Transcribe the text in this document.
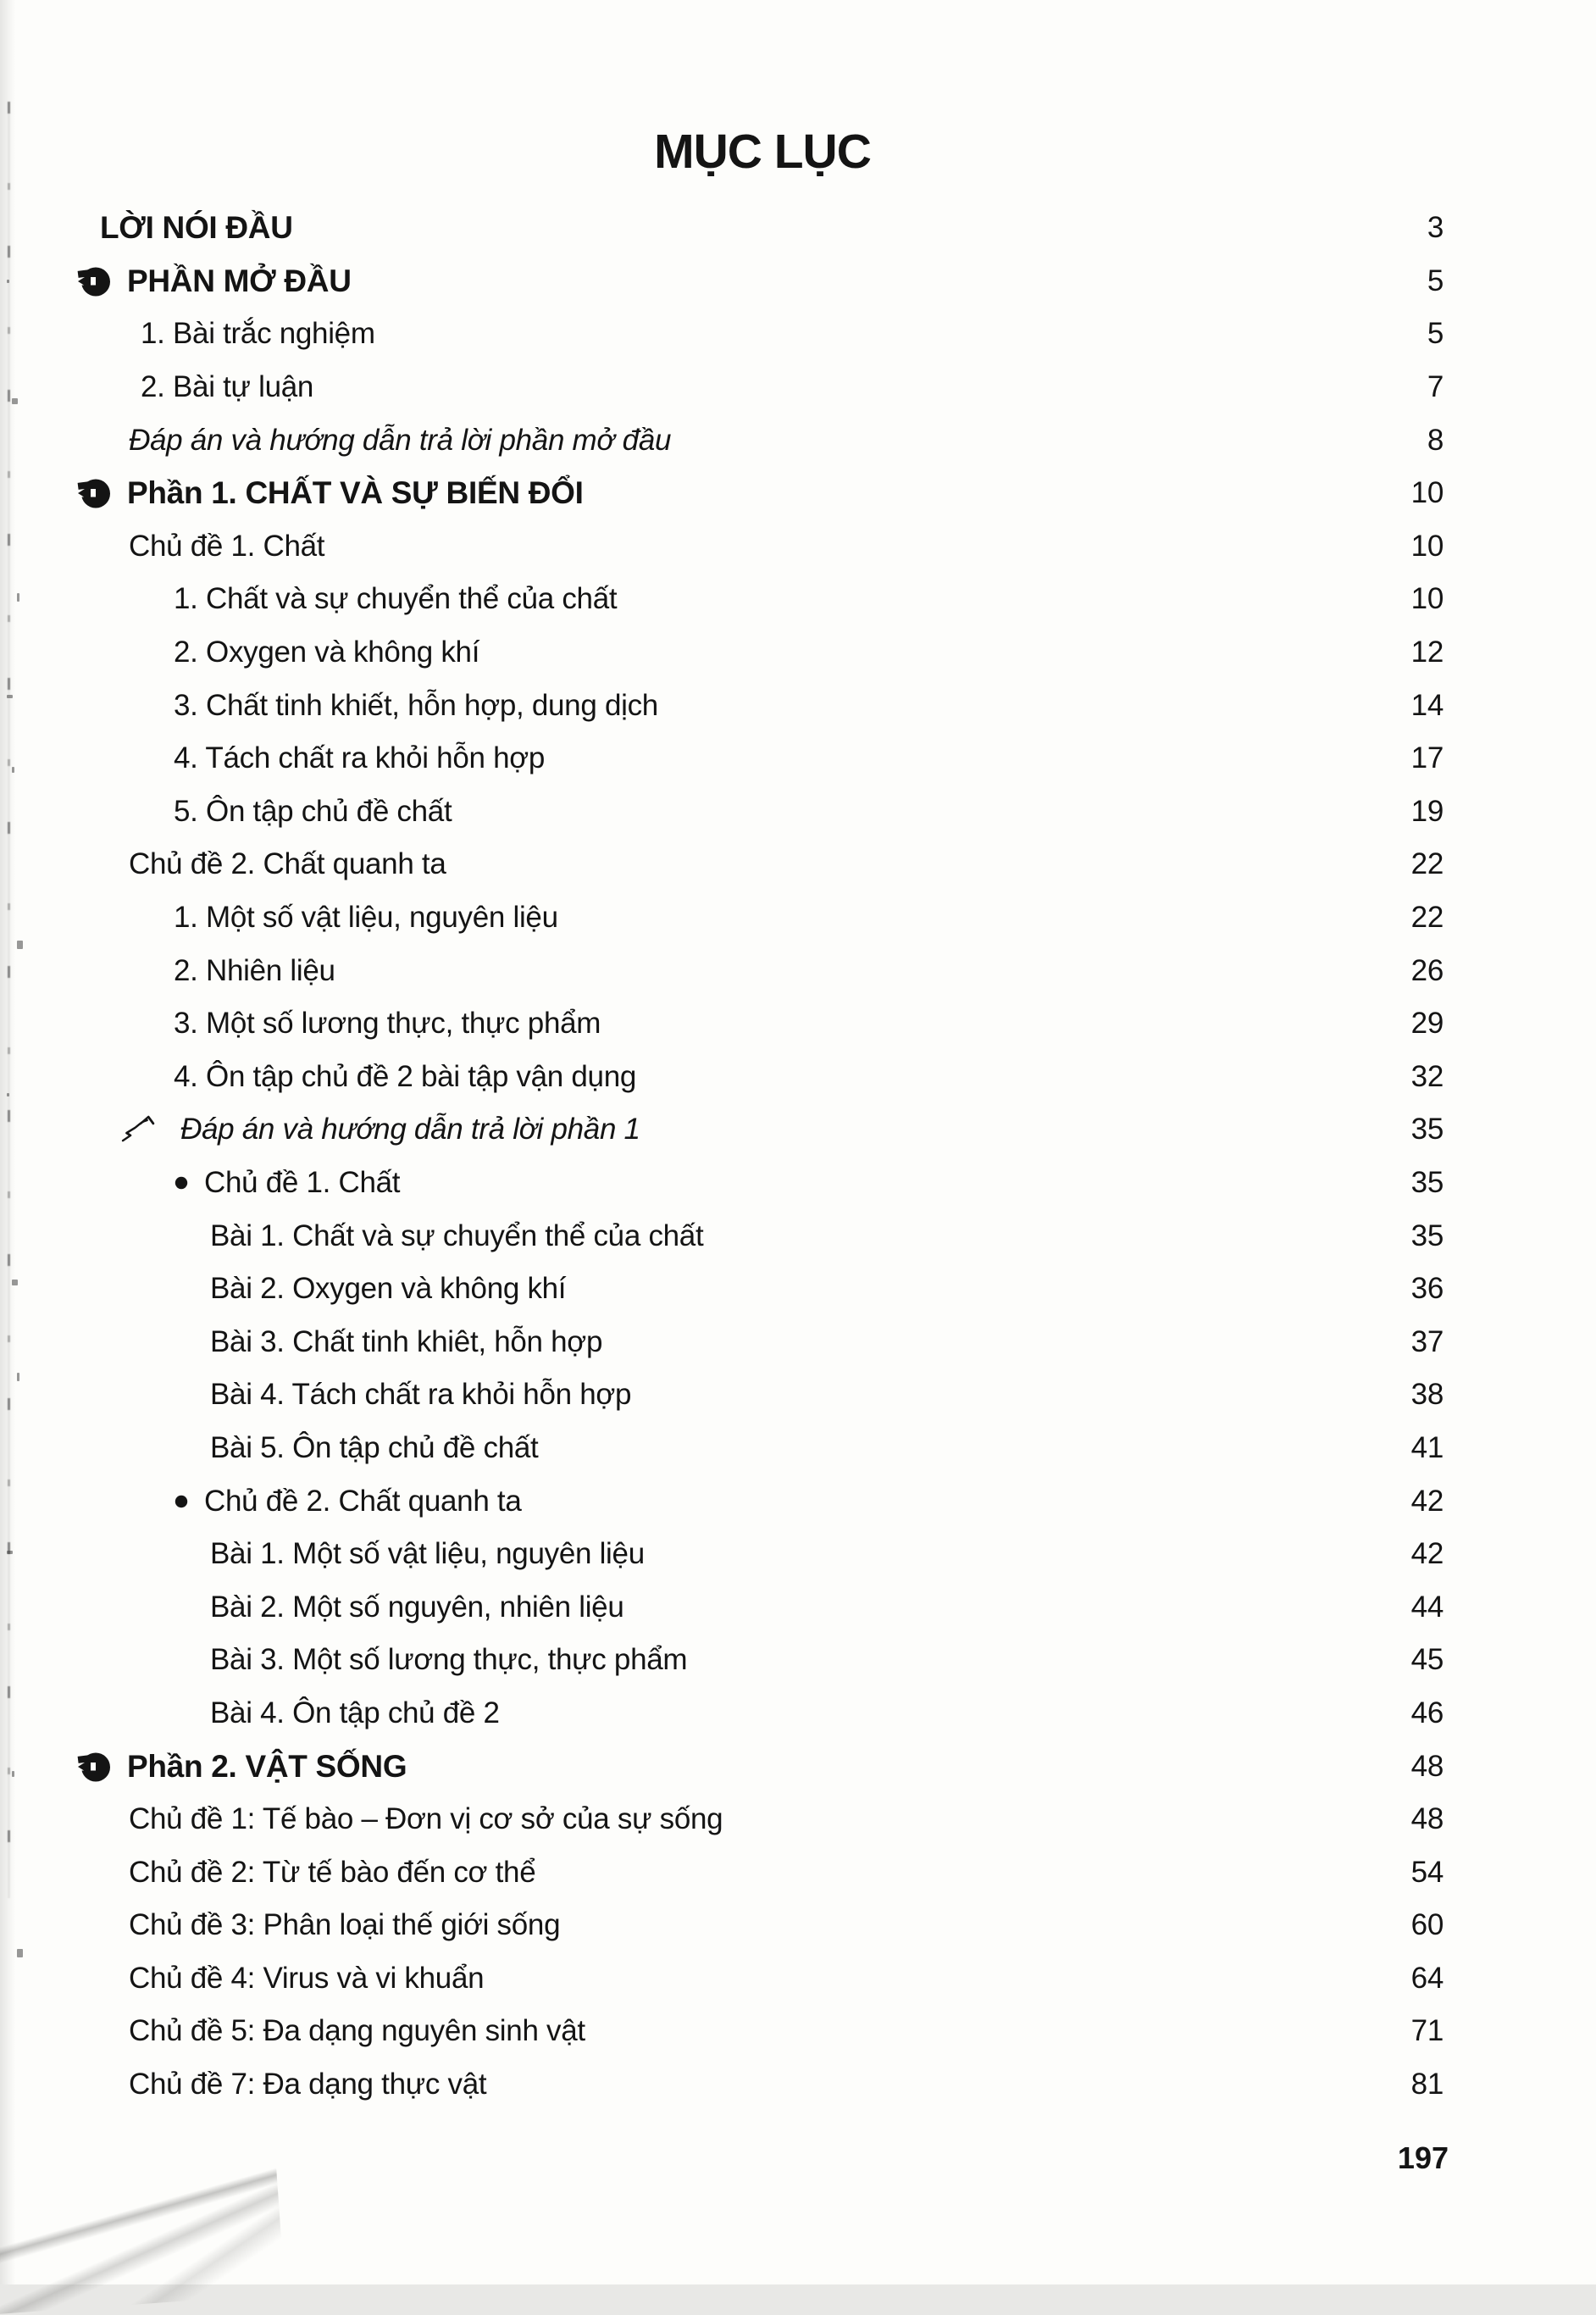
MỤC LỤC
LỜI NÓI ĐẦU	3
PHẦN MỞ ĐẦU	5
1. Bài trắc nghiệm	5
2. Bài tự luận	7
Đáp án và hướng dẫn trả lời phần mở đầu	8
Phần 1. CHẤT VÀ SỰ BIẾN ĐỔI	10
Chủ đề 1. Chất	10
1. Chất và sự chuyển thể của chất	10
2. Oxygen và không khí	12
3. Chất tinh khiết, hỗn hợp, dung dịch	14
4. Tách chất ra khỏi hỗn hợp	17
5. Ôn tập chủ đề chất	19
Chủ đề 2. Chất quanh ta	22
1. Một số vật liệu, nguyên liệu	22
2. Nhiên liệu	26
3. Một số lương thực, thực phẩm	29
4. Ôn tập chủ đề 2 bài tập vận dụng	32
Đáp án và hướng dẫn trả lời phần 1	35
Chủ đề 1. Chất	35
Bài 1. Chất và sự chuyển thể của chất	35
Bài 2. Oxygen và không khí	36
Bài 3. Chất tinh khiêt, hỗn hợp	37
Bài 4. Tách chất ra khỏi hỗn hợp	38
Bài 5. Ôn tập chủ đề chất	41
Chủ đề 2. Chất quanh ta	42
Bài 1. Một số vật liệu, nguyên liệu	42
Bài 2. Một số nguyên, nhiên liệu	44
Bài 3. Một số lương thực, thực phẩm	45
Bài 4. Ôn tập chủ đề 2	46
Phần 2. VẬT SỐNG	48
Chủ đề 1: Tế bào – Đơn vị cơ sở của sự sống	48
Chủ đề 2: Từ tế bào đến cơ thể	54
Chủ đề 3: Phân loại thế giới sống	60
Chủ đề 4: Virus và vi khuẩn	64
Chủ đề 5: Đa dạng nguyên sinh vật	71
Chủ đề 7: Đa dạng thực vật	81
197
